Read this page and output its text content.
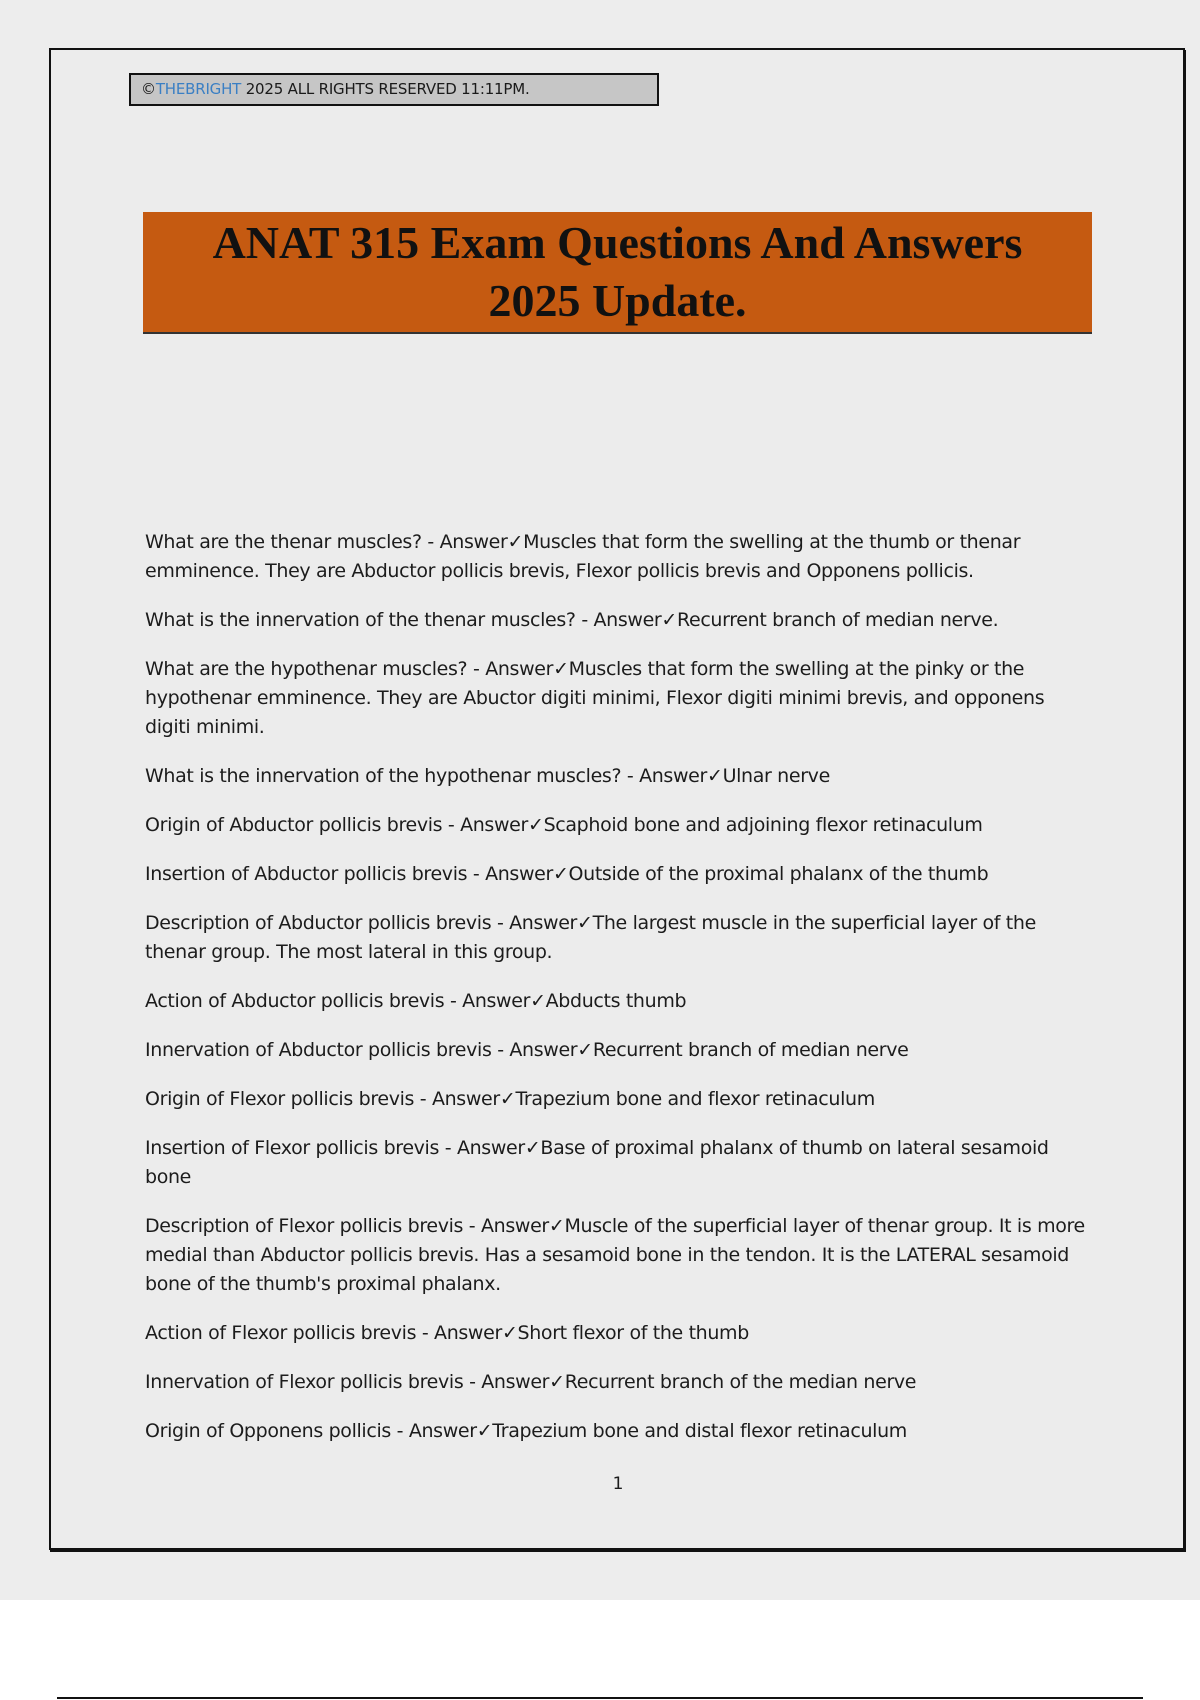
©THEBRIGHT 2025 ALL RIGHTS RESERVED 11:11PM.
ANAT 315 Exam Questions And Answers
2025 Update.
What are the thenar muscles? - Answer✓Muscles that form the swelling at the thumb or thenar emminence. They are Abductor pollicis brevis, Flexor pollicis brevis and Opponens pollicis.
What is the innervation of the thenar muscles? - Answer✓Recurrent branch of median nerve.
What are the hypothenar muscles? - Answer✓Muscles that form the swelling at the pinky or the hypothenar emminence. They are Abuctor digiti minimi, Flexor digiti minimi brevis, and opponens digiti minimi.
What is the innervation of the hypothenar muscles? - Answer✓Ulnar nerve
Origin of Abductor pollicis brevis - Answer✓Scaphoid bone and adjoining flexor retinaculum
Insertion of Abductor pollicis brevis - Answer✓Outside of the proximal phalanx of the thumb
Description of Abductor pollicis brevis - Answer✓The largest muscle in the superficial layer of the thenar group. The most lateral in this group.
Action of Abductor pollicis brevis - Answer✓Abducts thumb
Innervation of Abductor pollicis brevis - Answer✓Recurrent branch of median nerve
Origin of Flexor pollicis brevis - Answer✓Trapezium bone and flexor retinaculum
Insertion of Flexor pollicis brevis - Answer✓Base of proximal phalanx of thumb on lateral sesamoid bone
Description of Flexor pollicis brevis - Answer✓Muscle of the superficial layer of thenar group. It is more medial than Abductor pollicis brevis. Has a sesamoid bone in the tendon. It is the LATERAL sesamoid bone of the thumb's proximal phalanx.
Action of Flexor pollicis brevis - Answer✓Short flexor of the thumb
Innervation of Flexor pollicis brevis - Answer✓Recurrent branch of the median nerve
Origin of Opponens pollicis - Answer✓Trapezium bone and distal flexor retinaculum
1
